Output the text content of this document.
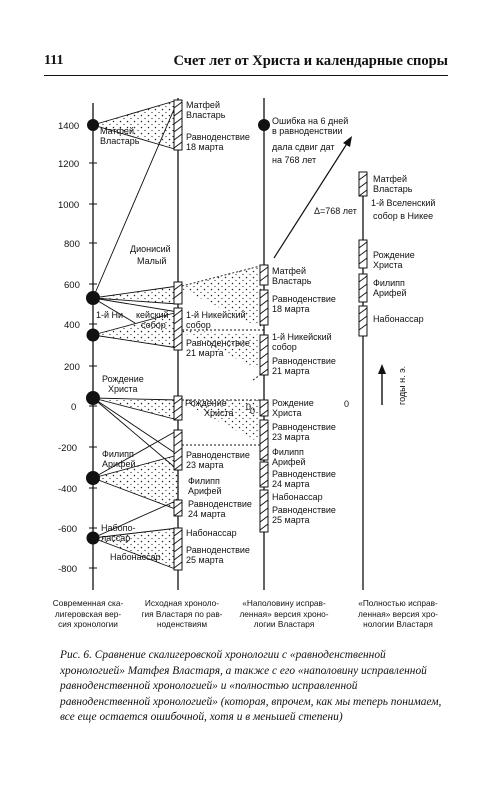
111	Счет лет от Христа и календарные споры
1400
1200
1000
800
600
400
200
0
-200
-400
-600
-800
годы н. э.
Матфей
Властарь
Дионисий
Малый
1-й Ни кейский
собор
Рождение
Христа
Филипп
Арифей
Набопо-
лассар
Набонассар
Матфей
Властарь
Равноденствие
18 марта
1-й Никейский
собор
Равноденствие
21 марта
Рождение
Христа
0
Равноденствие
23 марта
Филипп
Арифей
Равноденствие
24 марта
Набонассар
Равноденствие
25 марта
Ошибка на 6 дней
в равноденствии
дала сдвиг дат
на 768 лет
Δ=768 лет
Матфей
Властарь
Равноденствие
18 марта
1-й Никейский
собор
Равноденствие
21 марта
Рождение
Христа
Равноденствие
23 марта
Филипп
Арифей
Равноденствие
24 марта
Набонассар
Равноденствие
25 марта
0
Матфей
Властарь
1-й Вселенский
собор в Никее
Рождение
Христа
Филипп
Арифей
Набонассар
0
Современная ска-
лигеровская вер-
сия хронологии
Исходная хроноло-
гия Властаря по рав-
ноденствиям
«Наполовину исправ-
ленная» версия хроно-
логии Властаря
«Полностью исправ-
ленная» версия хро-
нологии Властаря
Рис. 6. Сравнение скалигеровской хронологии с «равноденственной хронологией» Матфея Властаря, а также с его «наполовину исправленной равноденственной хронологией» и «полностью исправленной равноденственной хронологией» (которая, впрочем, как мы теперь понимаем, все еще остается ошибочной, хотя и в меньшей степени)
